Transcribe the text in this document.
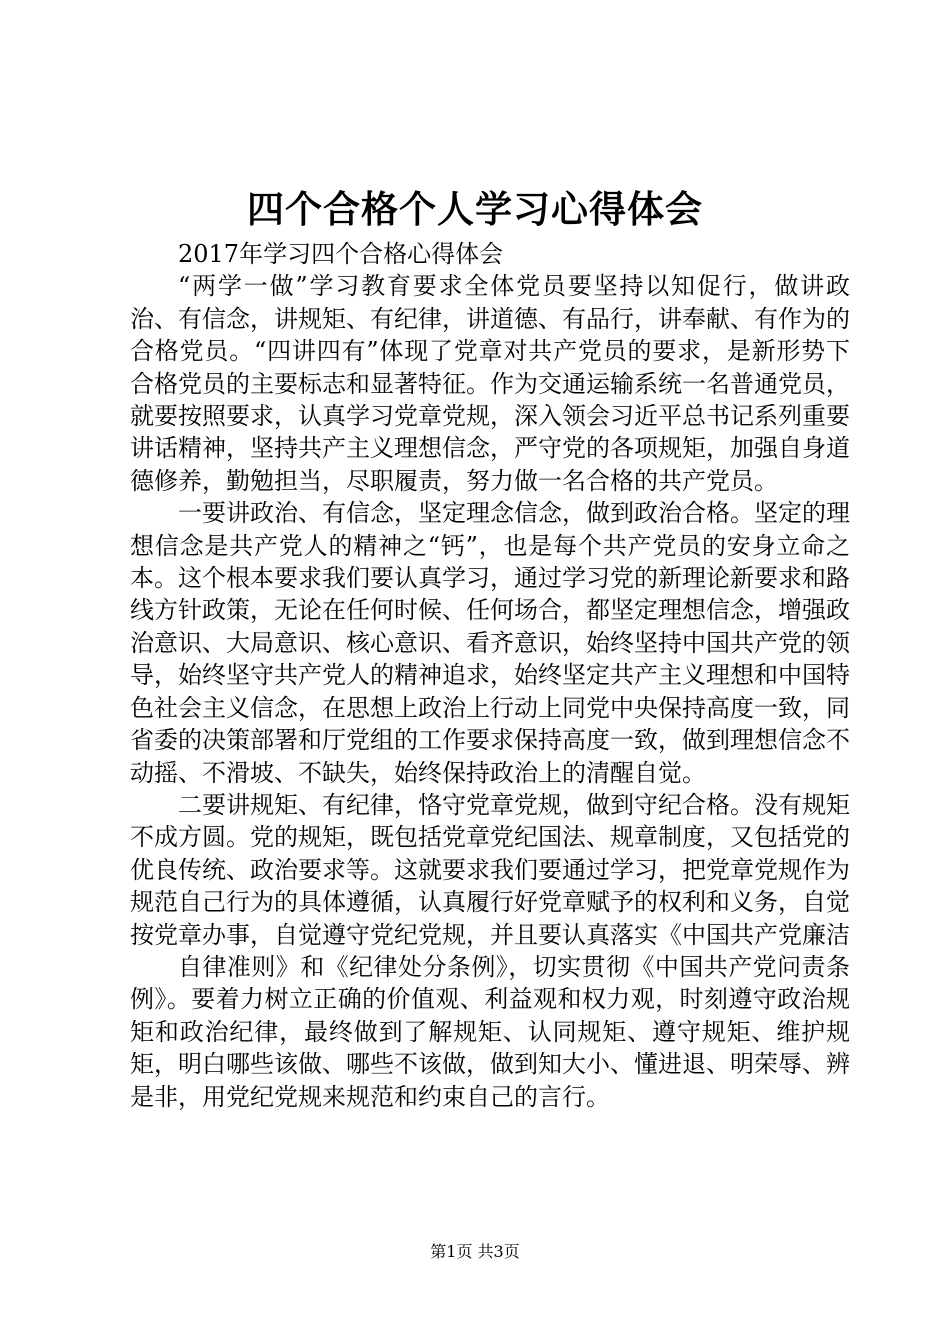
四个合格个人学习心得体会

2017年学习四个合格心得体会

“两学一做”学习教育要求全体党员要坚持以知促行，做讲政治、有信念，讲规矩、有纪律，讲道德、有品行，讲奉献、有作为的合格党员。“四讲四有”体现了党章对共产党员的要求，是新形势下合格党员的主要标志和显著特征。作为交通运输系统一名普通党员，就要按照要求，认真学习党章党规，深入领会习近平总书记系列重要讲话精神，坚持共产主义理想信念，严守党的各项规矩，加强自身道德修养，勤勉担当，尽职履责，努力做一名合格的共产党员。

一要讲政治、有信念，坚定理念信念，做到政治合格。坚定的理想信念是共产党人的精神之“钙”，也是每个共产党员的安身立命之本。这个根本要求我们要认真学习，通过学习党的新理论新要求和路线方针政策，无论在任何时候、任何场合，都坚定理想信念，增强政治意识、大局意识、核心意识、看齐意识，始终坚持中国共产党的领导，始终坚守共产党人的精神追求，始终坚定共产主义理想和中国特色社会主义信念，在思想上政治上行动上同党中央保持高度一致，同省委的决策部署和厅党组的工作要求保持高度一致，做到理想信念不动摇、不滑坡、不缺失，始终保持政治上的清醒自觉。

二要讲规矩、有纪律，恪守党章党规，做到守纪合格。没有规矩不成方圆。党的规矩，既包括党章党纪国法、规章制度，又包括党的优良传统、政治要求等。这就要求我们要通过学习，把党章党规作为规范自己行为的具体遵循，认真履行好党章赋予的权利和义务，自觉按党章办事，自觉遵守党纪党规，并且要认真落实《中国共产党廉洁

自律准则》和《纪律处分条例》，切实贯彻《中国共产党问责条例》。要着力树立正确的价值观、利益观和权力观，时刻遵守政治规矩和政治纪律，最终做到了解规矩、认同规矩、遵守规矩、维护规矩，明白哪些该做、哪些不该做，做到知大小、懂进退、明荣辱、辨是非，用党纪党规来规范和约束自己的言行。

第1页 共3页
